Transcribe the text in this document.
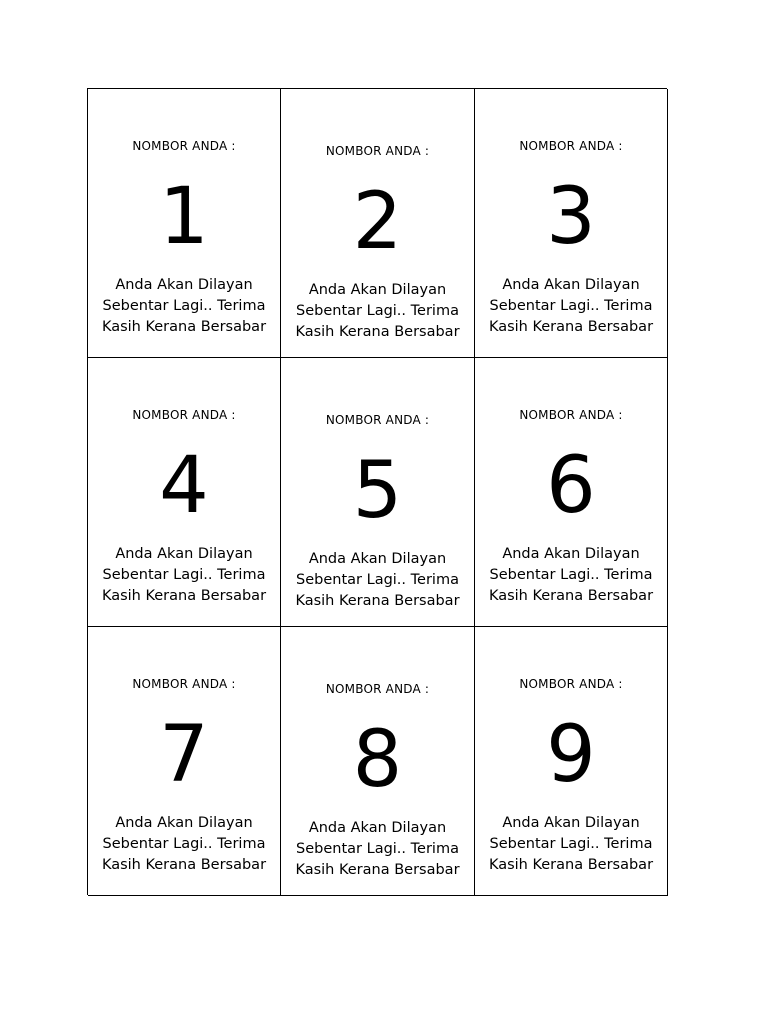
NOMBOR ANDA :
1
Anda Akan Dilayan
Sebentar Lagi.. Terima
Kasih Kerana Bersabar
NOMBOR ANDA :
2
Anda Akan Dilayan
Sebentar Lagi.. Terima
Kasih Kerana Bersabar
NOMBOR ANDA :
3
Anda Akan Dilayan
Sebentar Lagi.. Terima
Kasih Kerana Bersabar
NOMBOR ANDA :
4
Anda Akan Dilayan
Sebentar Lagi.. Terima
Kasih Kerana Bersabar
NOMBOR ANDA :
5
Anda Akan Dilayan
Sebentar Lagi.. Terima
Kasih Kerana Bersabar
NOMBOR ANDA :
6
Anda Akan Dilayan
Sebentar Lagi.. Terima
Kasih Kerana Bersabar
NOMBOR ANDA :
7
Anda Akan Dilayan
Sebentar Lagi.. Terima
Kasih Kerana Bersabar
NOMBOR ANDA :
8
Anda Akan Dilayan
Sebentar Lagi.. Terima
Kasih Kerana Bersabar
NOMBOR ANDA :
9
Anda Akan Dilayan
Sebentar Lagi.. Terima
Kasih Kerana Bersabar
